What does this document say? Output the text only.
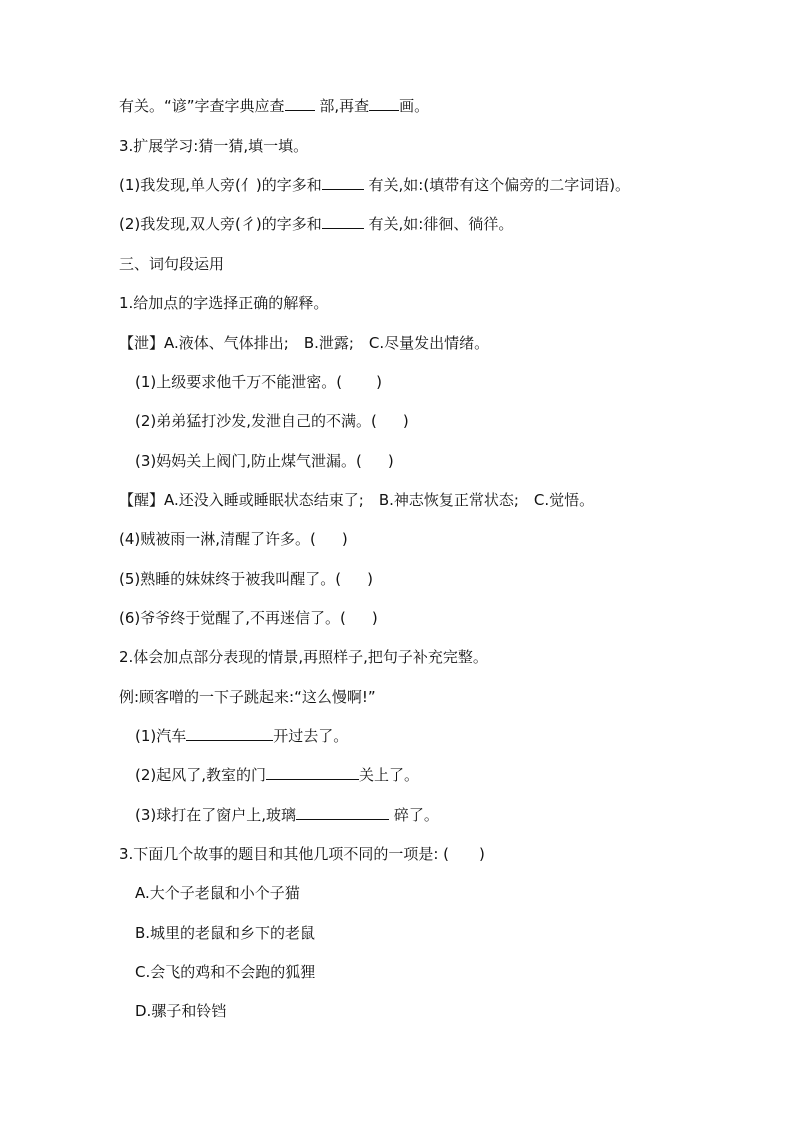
有关。“谚”字查字典应查 部,再查 画。
3.扩展学习:猜一猜,填一填。
(1)我发现,单人旁(亻)的字多和	有关,如:(填带有这个偏旁的二字词语)。
(2)我发现,双人旁(彳)的字多和	有关,如:徘徊、徜徉。
三、词句段运用
1.给加点的字选择正确的解释。
【泄】A.液体、气体排出;　B.泄露;　C.尽量发出情绪。
(1)上级要求他千万不能泄密。( )
(2)弟弟猛打沙发,发泄自己的不满。( )
(3)妈妈关上阀门,防止煤气泄漏。( )
【醒】A.还没入睡或睡眠状态结束了;　B.神志恢复正常状态;　C.觉悟。
(4)贼被雨一淋,清醒了许多。( )
(5)熟睡的妹妹终于被我叫醒了。( )
(6)爷爷终于觉醒了,不再迷信了。( )
2.体会加点部分表现的情景,再照样子,把句子补充完整。
例:顾客噌的一下子跳起来:“这么慢啊!”
(1)汽车	开过去了。
(2)起风了,教室的门	关上了。
(3)球打在了窗户上,玻璃	碎了。
3.下面几个故事的题目和其他几项不同的一项是: (　　)
A.大个子老鼠和小个子猫
B.城里的老鼠和乡下的老鼠
C.会飞的鸡和不会跑的狐狸
D.骡子和铃铛
